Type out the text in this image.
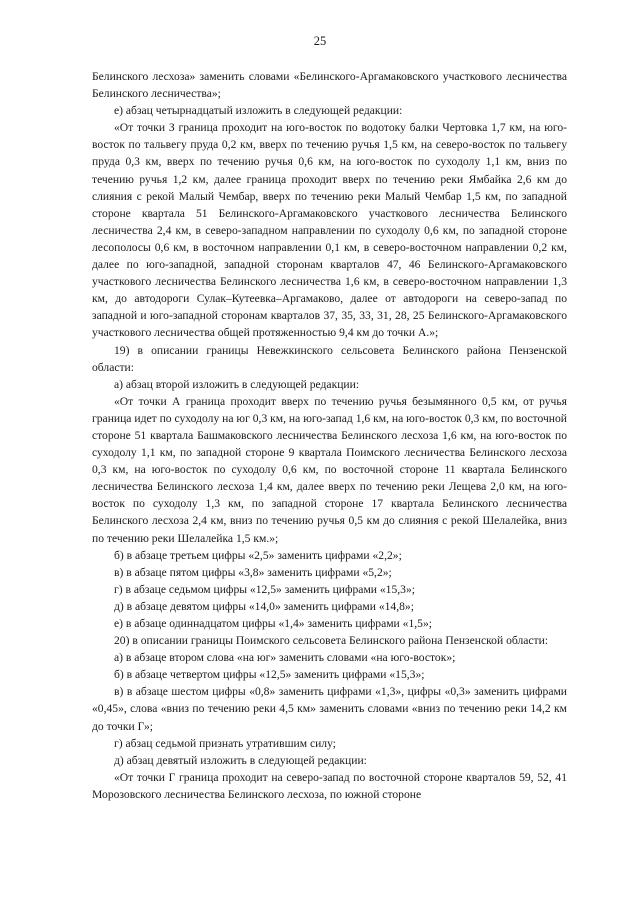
25

Белинского лесхоза» заменить словами «Белинского-Аргамаковского участкового лесничества Белинского лесничества»;

е) абзац четырнадцатый изложить в следующей редакции:

«От точки З граница проходит на юго-восток по водотоку балки Чертовка 1,7 км, на юго-восток по тальвегу пруда 0,2 км, вверх по течению ручья 1,5 км, на северо-восток по тальвегу пруда 0,3 км, вверх по течению ручья 0,6 км, на юго-восток по суходолу 1,1 км, вниз по течению ручья 1,2 км, далее граница проходит вверх по течению реки Ямбайка 2,6 км до слияния с рекой Малый Чембар, вверх по течению реки Малый Чембар 1,5 км, по западной стороне квартала 51 Белинского-Аргамаковского участкового лесничества Белинского лесничества 2,4 км, в северо-западном направлении по суходолу 0,6 км, по западной стороне лесополосы 0,6 км, в восточном направлении 0,1 км, в северо-восточном направлении 0,2 км, далее по юго-западной, западной сторонам кварталов 47, 46 Белинского-Аргамаковского участкового лесничества Белинского лесничества 1,6 км, в северо-восточном направлении 1,3 км, до автодороги Сулак–Кутеевка–Аргамаково, далее от автодороги на северо-запад по западной и юго-западной сторонам кварталов 37, 35, 33, 31, 28, 25 Белинского-Аргамаковского участкового лесничества общей протяженностью 9,4 км до точки А.»;

19) в описании границы Невежкинского сельсовета Белинского района Пензенской области:

а) абзац второй изложить в следующей редакции:

«От точки А граница проходит вверх по течению ручья безымянного 0,5 км, от ручья граница идет по суходолу на юг 0,3 км, на юго-запад 1,6 км, на юго-восток 0,3 км, по восточной стороне 51 квартала Башмаковского лесничества Белинского лесхоза 1,6 км, на юго-восток по суходолу 1,1 км, по западной стороне 9 квартала Поимского лесничества Белинского лесхоза 0,3 км, на юго-восток по суходолу 0,6 км, по восточной стороне 11 квартала Белинского лесничества Белинского лесхоза 1,4 км, далее вверх по течению реки Лещева 2,0 км, на юго-восток по суходолу 1,3 км, по западной стороне 17 квартала Белинского лесничества Белинского лесхоза 2,4 км, вниз по течению ручья 0,5 км до слияния с рекой Шелалейка, вниз по течению реки Шелалейка 1,5 км.»;

б) в абзаце третьем цифры «2,5» заменить цифрами «2,2»;

в) в абзаце пятом цифры «3,8» заменить цифрами «5,2»;

г) в абзаце седьмом цифры «12,5» заменить цифрами «15,3»;

д) в абзаце девятом цифры «14,0» заменить цифрами «14,8»;

е) в абзаце одиннадцатом цифры «1,4» заменить цифрами «1,5»;

20) в описании границы Поимского сельсовета Белинского района Пензенской области:

а) в абзаце втором слова «на юг» заменить словами «на юго-восток»;

б) в абзаце четвертом цифры «12,5» заменить цифрами «15,3»;

в) в абзаце шестом цифры «0,8» заменить цифрами «1,3», цифры «0,3» заменить цифрами «0,45», слова «вниз по течению реки 4,5 км» заменить словами «вниз по течению реки 14,2 км до точки Г»;

г) абзац седьмой признать утратившим силу;

д) абзац девятый изложить в следующей редакции:

«От точки Г граница проходит на северо-запад по восточной стороне кварталов 59, 52, 41 Морозовского лесничества Белинского лесхоза, по южной стороне
